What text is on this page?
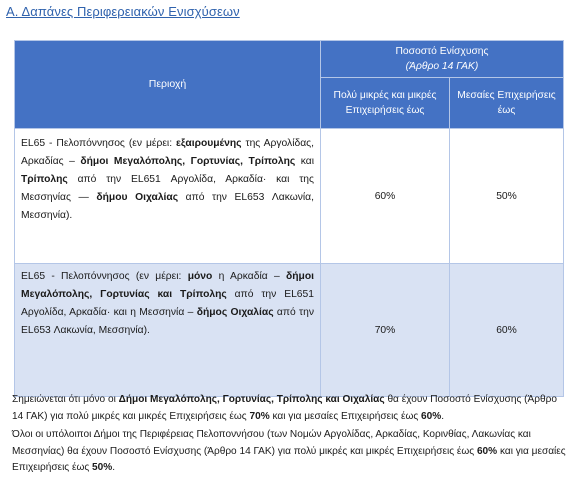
Α. Δαπάνες Περιφερειακών Ενισχύσεων
Περιοχή	Ποσοστό Ενίσχυσης
(Άρθρο 14 ΓΑΚ)	

	Πολύ μικρές και μικρές Επιχειρήσεις έως	Μεσαίες Επιχειρήσεις έως
EL65 - Πελοπόννησος (εν μέρει: εξαιρουμένης της Αργολίδας, Αρκαδίας – δήμοι Μεγαλόπολης, Γορτυνίας, Τρίπολης και Τρίπολης από την EL651 Αργολίδα, Αρκαδία· και της Μεσσηνίας — δήμου Οιχαλίας από την EL653 Λακωνία, Μεσσηνία).	60%	50%
EL65 - Πελοπόννησος (εν μέρει: μόνο η Αρκαδία – δήμοι Μεγαλόπολης, Γορτυνίας και Τρίπολης από την EL651 Αργολίδα, Αρκαδία· και η Μεσσηνία – δήμος Οιχαλίας από την EL653 Λακωνία, Μεσσηνία).	70%	60%
Σημειώνεται ότι μόνο οι Δήμοι Μεγαλόπολης, Γορτυνίας, Τρίπολης και Οιχαλίας θα έχουν Ποσοστό Ενίσχυσης (Άρθρο 14 ΓΑΚ) για πολύ μικρές και μικρές Επιχειρήσεις έως 70% και για μεσαίες Επιχειρήσεις έως 60%.
Όλοι οι υπόλοιποι Δήμοι της Περιφέρειας Πελοποννήσου (των Νομών Αργολίδας, Αρκαδίας, Κορινθίας, Λακωνίας και Μεσσηνίας) θα έχουν Ποσοστό Ενίσχυσης (Άρθρο 14 ΓΑΚ) για πολύ μικρές και μικρές Επιχειρήσεις έως 60% και για μεσαίες Επιχειρήσεις έως 50%.
